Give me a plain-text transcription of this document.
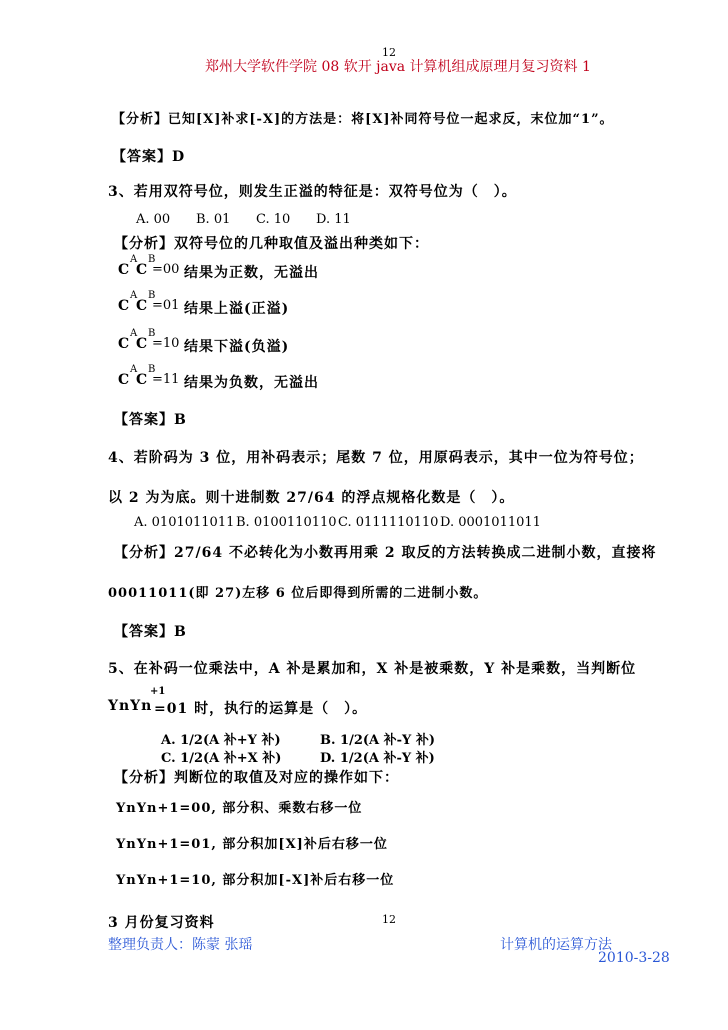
郑州大学软件学院 08 软开 java 计算机组成原理月复习资料 1
12
【分析】已知[X]补求[-X]的方法是：将[X]补同符号位一起求反，末位加“1”。
【答案】D
3、若用双符号位，则发生正溢的特征是：双符号位为（　）。
A. 00 B. 01 C. 10 D. 11
【分析】双符号位的几种取值及溢出种类如下：
A B
C C =00 结果为正数，无溢出
A B
C C =01 结果上溢(正溢)
A B
C C =10 结果下溢(负溢)
A B
C C =11 结果为负数，无溢出
【答案】B
4、若阶码为 3 位，用补码表示；尾数 7 位，用原码表示，其中一位为符号位；
以 2 为为底。则十进制数 27/64 的浮点规格化数是（　）。
A. 0101011011 B. 0100110110 C. 0111110110 D. 0001011011
【分析】27/64 不必转化为小数再用乘 2 取反的方法转换成二进制小数，直接将
00011011(即 27)左移 6 位后即得到所需的二进制小数。
【答案】B
5、在补码一位乘法中，A 补是累加和，X 补是被乘数，Y 补是乘数，当判断位
+1
YnYn =01 时，执行的运算是（　）。
A. 1/2(A 补+Y 补)	B. 1/2(A 补-Y 补)
C. 1/2(A 补+X 补)	D. 1/2(A 补-Y 补)
【分析】判断位的取值及对应的操作如下：
YnYn+1=00, 部分积、乘数右移一位
YnYn+1=01, 部分积加[X]补后右移一位
YnYn+1=10, 部分积加[-X]补后右移一位
3 月份复习资料	12
整理负责人：陈蒙 张瑶	计算机的运算方法
2010-3-28
